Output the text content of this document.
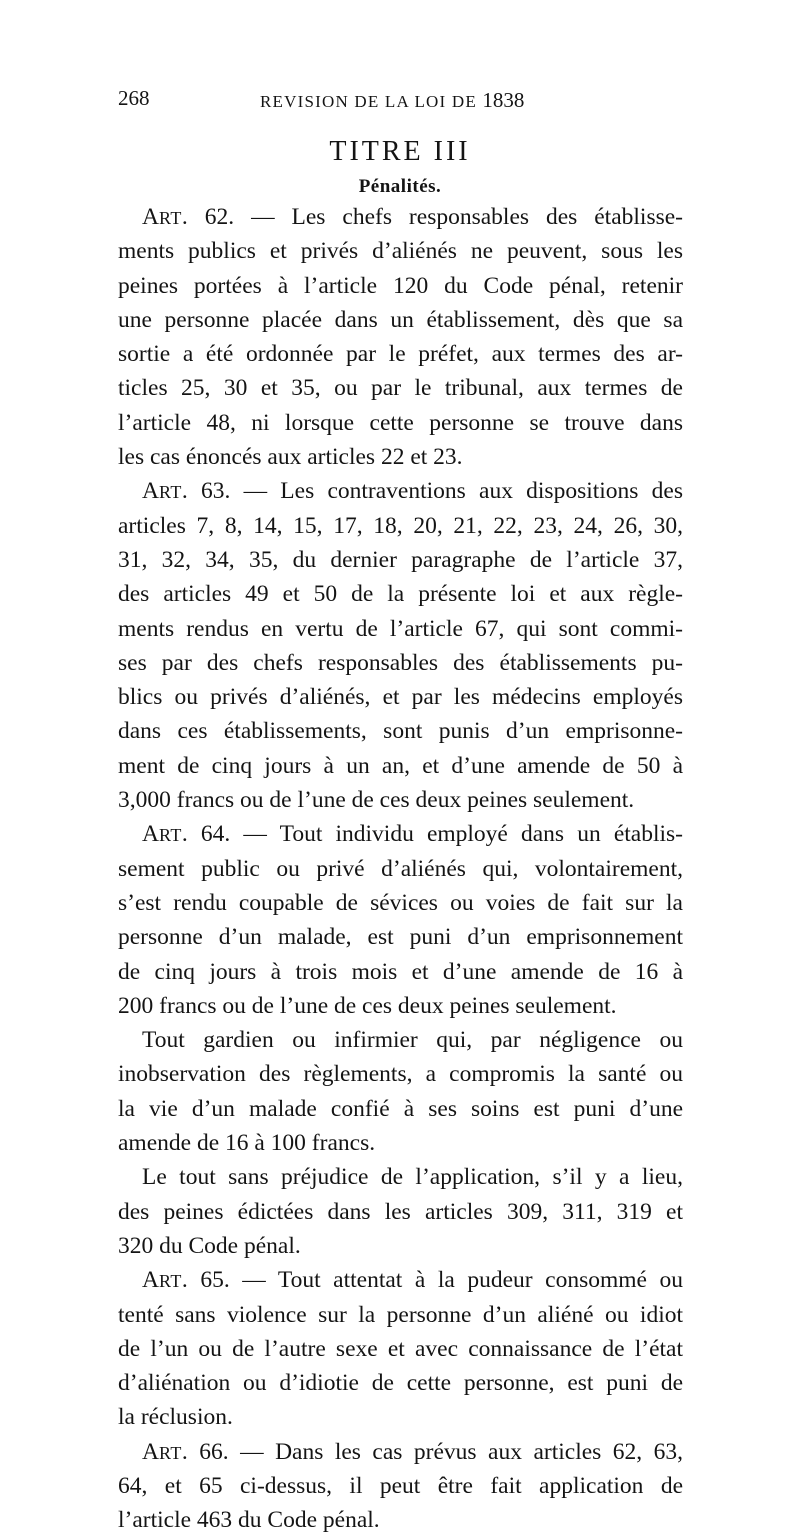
268	REVISION DE LA LOI DE 1838
TITRE III
Pénalités.
ART. 62. — Les chefs responsables des établisse-
ments publics et privés d’aliénés ne peuvent, sous les
peines portées à l’article 120 du Code pénal, retenir
une personne placée dans un établissement, dès que sa
sortie a été ordonnée par le préfet, aux termes des ar-
ticles 25, 30 et 35, ou par le tribunal, aux termes de
l’article 48, ni lorsque cette personne se trouve dans
les cas énoncés aux articles 22 et 23.
ART. 63. — Les contraventions aux dispositions des
articles 7, 8, 14, 15, 17, 18, 20, 21, 22, 23, 24, 26, 30,
31, 32, 34, 35, du dernier paragraphe de l’article 37,
des articles 49 et 50 de la présente loi et aux règle-
ments rendus en vertu de l’article 67, qui sont commi-
ses par des chefs responsables des établissements pu-
blics ou privés d’aliénés, et par les médecins employés
dans ces établissements, sont punis d’un emprisonne-
ment de cinq jours à un an, et d’une amende de 50 à
3,000 francs ou de l’une de ces deux peines seulement.
ART. 64. — Tout individu employé dans un établis-
sement public ou privé d’aliénés qui, volontairement,
s’est rendu coupable de sévices ou voies de fait sur la
personne d’un malade, est puni d’un emprisonnement
de cinq jours à trois mois et d’une amende de 16 à
200 francs ou de l’une de ces deux peines seulement.
Tout gardien ou infirmier qui, par négligence ou
inobservation des règlements, a compromis la santé ou
la vie d’un malade confié à ses soins est puni d’une
amende de 16 à 100 francs.
Le tout sans préjudice de l’application, s’il y a lieu,
des peines édictées dans les articles 309, 311, 319 et
320 du Code pénal.
ART. 65. — Tout attentat à la pudeur consommé ou
tenté sans violence sur la personne d’un aliéné ou idiot
de l’un ou de l’autre sexe et avec connaissance de l’état
d’aliénation ou d’idiotie de cette personne, est puni de
la réclusion.
ART. 66. — Dans les cas prévus aux articles 62, 63,
64, et 65 ci-dessus, il peut être fait application de
l’article 463 du Code pénal.
